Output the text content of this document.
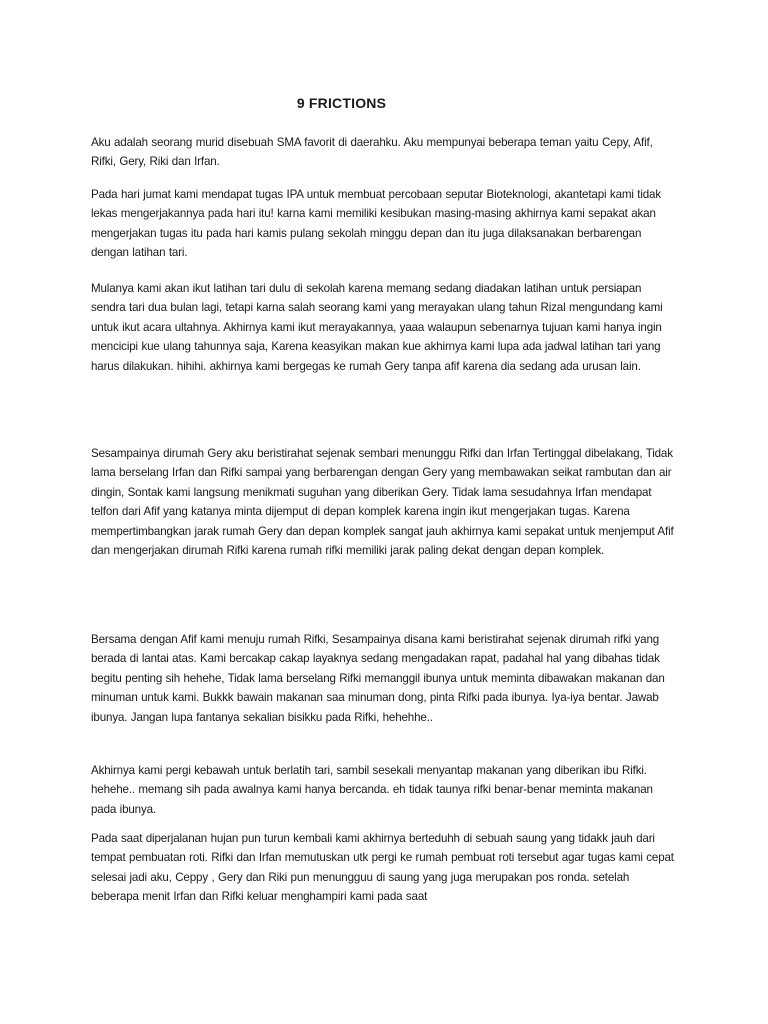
9 FRICTIONS

Aku adalah seorang murid disebuah SMA favorit di daerahku. Aku mempunyai beberapa teman yaitu Cepy, Afif, Rifki, Gery, Riki dan Irfan.

Pada hari jumat kami mendapat tugas IPA untuk membuat percobaan seputar Bioteknologi, akantetapi kami tidak lekas mengerjakannya pada hari itu! karna kami memiliki kesibukan masing-masing akhirnya kami sepakat akan mengerjakan tugas itu pada hari kamis pulang sekolah minggu depan dan itu juga dilaksanakan berbarengan dengan latihan tari.

Mulanya kami akan ikut latihan tari dulu di sekolah karena memang sedang diadakan latihan untuk persiapan sendra tari dua bulan lagi, tetapi karna salah seorang kami yang merayakan ulang tahun Rizal mengundang kami untuk ikut acara ultahnya. Akhirnya kami ikut merayakannya, yaaa walaupun sebenarnya tujuan kami hanya ingin mencicipi kue ulang tahunnya saja, Karena keasyikan makan kue akhirnya kami lupa ada jadwal latihan tari yang harus dilakukan. hihihi. akhirnya kami bergegas ke rumah Gery tanpa afif karena dia sedang ada urusan lain.

Sesampainya dirumah Gery aku beristirahat sejenak sembari menunggu Rifki dan Irfan Tertinggal dibelakang, Tidak lama berselang Irfan dan Rifki sampai yang berbarengan dengan Gery yang membawakan seikat rambutan dan air dingin, Sontak kami langsung menikmati suguhan yang diberikan Gery. Tidak lama sesudahnya Irfan mendapat telfon dari Afif yang katanya minta dijemput di depan komplek karena ingin ikut mengerjakan tugas. Karena mempertimbangkan jarak rumah Gery dan depan komplek sangat jauh akhirnya kami sepakat untuk menjemput Afif dan mengerjakan dirumah Rifki karena rumah rifki memiliki jarak paling dekat dengan depan komplek.

Bersama dengan Afif kami menuju rumah Rifki, Sesampainya disana kami beristirahat sejenak dirumah rifki yang berada di lantai atas. Kami bercakap cakap layaknya sedang mengadakan rapat, padahal hal yang dibahas tidak begitu penting sih hehehe, Tidak lama berselang Rifki memanggil ibunya untuk meminta dibawakan makanan dan minuman untuk kami. Bukkk bawain makanan saa minuman dong, pinta Rifki pada ibunya. Iya-iya bentar. Jawab ibunya. Jangan lupa fantanya sekalian bisikku pada Rifki, hehehhe..

Akhirnya kami pergi kebawah untuk berlatih tari, sambil sesekali menyantap makanan yang diberikan ibu Rifki. hehehe.. memang sih pada awalnya kami hanya bercanda. eh tidak taunya rifki benar-benar meminta makanan pada ibunya.

Pada saat diperjalanan hujan pun turun kembali kami akhirnya berteduhh di sebuah saung yang tidakk jauh dari tempat pembuatan roti. Rifki dan Irfan memutuskan utk pergi ke rumah pembuat roti tersebut agar tugas kami cepat selesai jadi aku, Ceppy , Gery dan Riki pun menungguu di saung yang juga merupakan pos ronda. setelah beberapa menit Irfan dan Rifki keluar menghampiri kami pada saat
